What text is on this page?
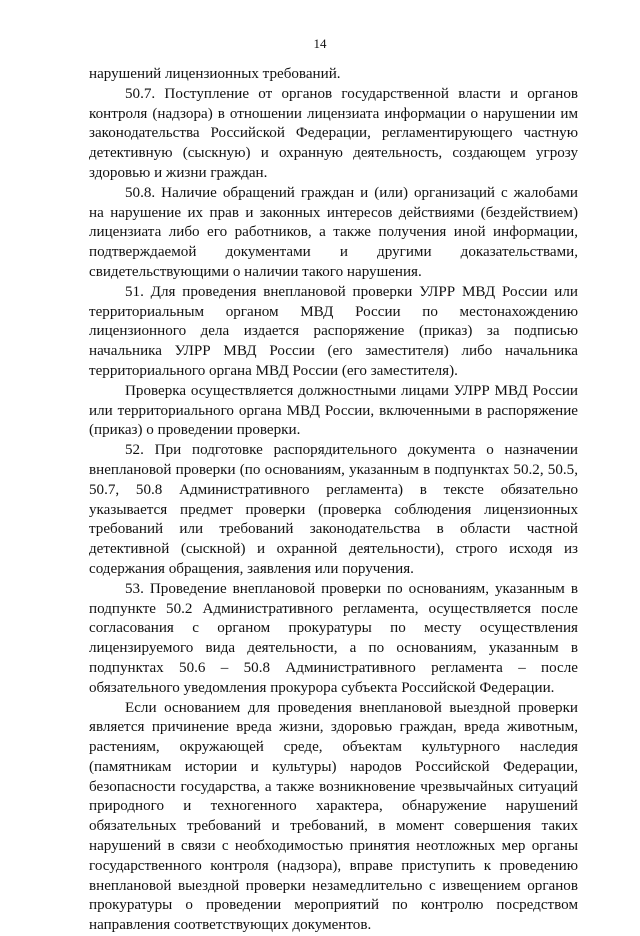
14

нарушений лицензионных требований.

50.7. Поступление от органов государственной власти и органов контроля (надзора) в отношении лицензиата информации о нарушении им законодательства Российской Федерации, регламентирующего частную детективную (сыскную) и охранную деятельность, создающем угрозу здоровью и жизни граждан.

50.8. Наличие обращений граждан и (или) организаций с жалобами на нарушение их прав и законных интересов действиями (бездействием) лицензиата либо его работников, а также получения иной информации, подтверждаемой документами и другими доказательствами, свидетельствующими о наличии такого нарушения.

51. Для проведения внеплановой проверки УЛРР МВД России или территориальным органом МВД России по местонахождению лицензионного дела издается распоряжение (приказ) за подписью начальника УЛРР МВД России (его заместителя) либо начальника территориального органа МВД России (его заместителя).

Проверка осуществляется должностными лицами УЛРР МВД России или территориального органа МВД России, включенными в распоряжение (приказ) о проведении проверки.

52. При подготовке распорядительного документа о назначении внеплановой проверки (по основаниям, указанным в подпунктах 50.2, 50.5, 50.7, 50.8 Административного регламента) в тексте обязательно указывается предмет проверки (проверка соблюдения лицензионных требований или требований законодательства в области частной детективной (сыскной) и охранной деятельности), строго исходя из содержания обращения, заявления или поручения.

53. Проведение внеплановой проверки по основаниям, указанным в подпункте 50.2 Административного регламента, осуществляется после согласования с органом прокуратуры по месту осуществления лицензируемого вида деятельности, а по основаниям, указанным в подпунктах 50.6 – 50.8 Административного регламента – после обязательного уведомления прокурора субъекта Российской Федерации.

Если основанием для проведения внеплановой выездной проверки является причинение вреда жизни, здоровью граждан, вреда животным, растениям, окружающей среде, объектам культурного наследия (памятникам истории и культуры) народов Российской Федерации, безопасности государства, а также возникновение чрезвычайных ситуаций природного и техногенного характера, обнаружение нарушений обязательных требований и требований, в момент совершения таких нарушений в связи с необходимостью принятия неотложных мер органы государственного контроля (надзора), вправе приступить к проведению внеплановой выездной проверки незамедлительно с извещением органов прокуратуры о проведении мероприятий по контролю посредством направления соответствующих документов.
